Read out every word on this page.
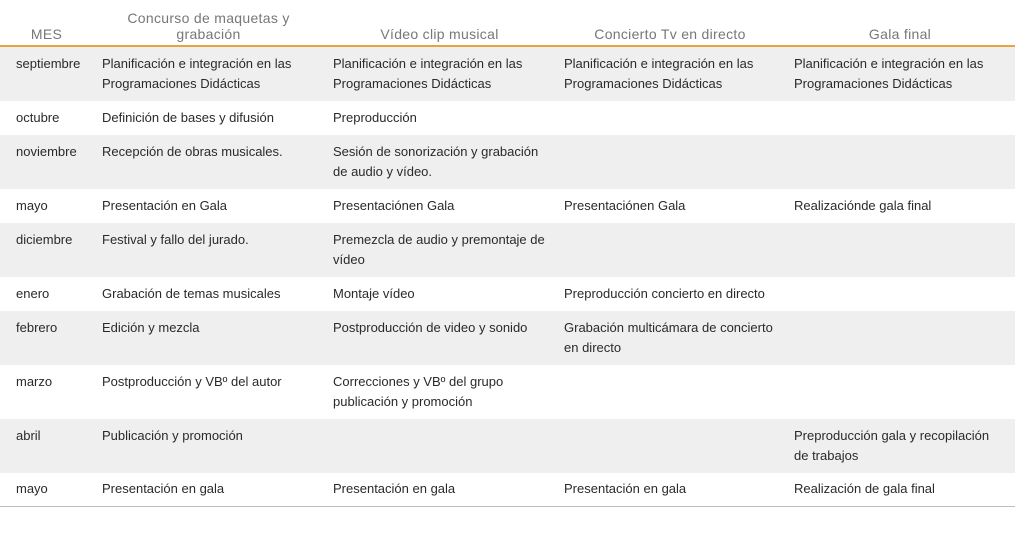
MES	Concurso de maquetas y grabación	Vídeo clip musical	Concierto Tv en directo	Gala final
septiembre	Planificación e integración en las Programaciones Didácticas	Planificación e integración en las Programaciones Didácticas	Planificación e integración en las Programaciones Didácticas	Planificación e integración en las Programaciones Didácticas
octubre	Definición de bases y difusión	Preproducción		
noviembre	Recepción de obras musicales.	Sesión de sonorización y grabación de audio y vídeo.		
mayo	Presentación en Gala	Presentaciónen Gala	Presentaciónen Gala	Realizaciónde gala final
diciembre	Festival y fallo del jurado.	Premezcla de audio y premontaje de vídeo		
enero	Grabación de temas musicales	Montaje vídeo	Preproducción concierto en directo	
febrero	Edición y mezcla	Postproducción de video y sonido	Grabación multicámara de concierto en directo	
marzo	Postproducción y VBº del autor	Correcciones y VBº del grupo publicación y promoción		
abril	Publicación y promoción			Preproducción gala y recopilación de trabajos
mayo	Presentación en gala	Presentación en gala	Presentación en gala	Realización de gala final
